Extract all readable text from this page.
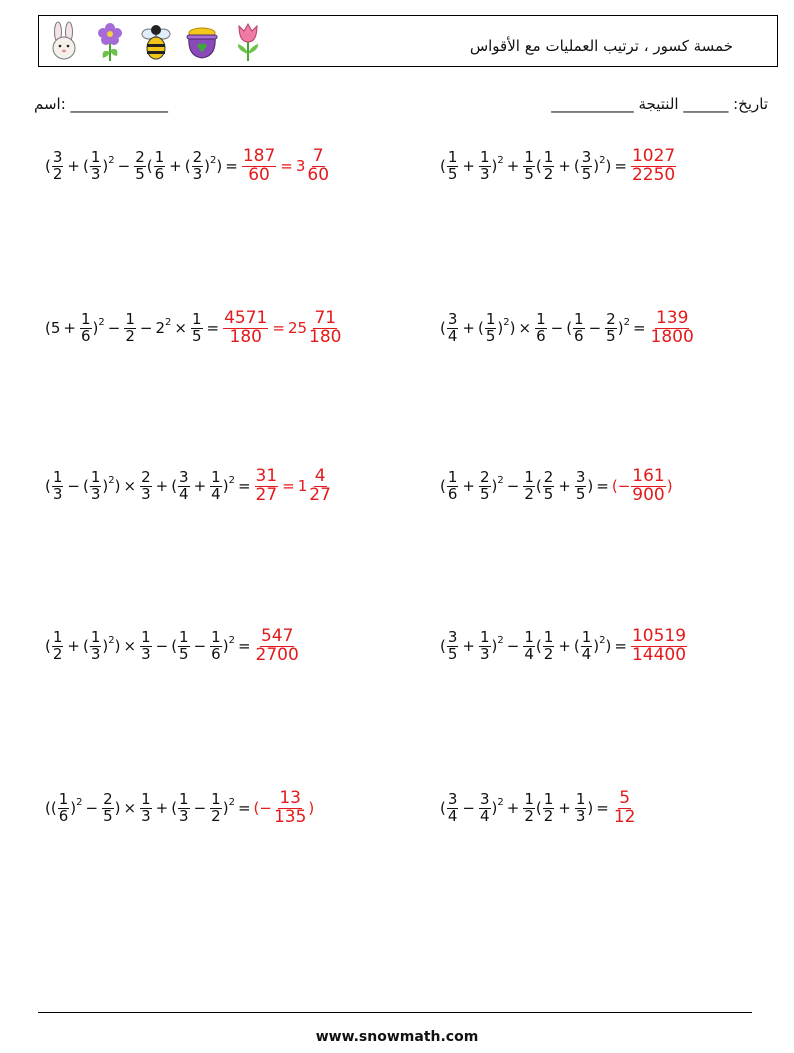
خمسة كسور ، ترتيب العمليات مع الأقواس
اسم: _____________	تاريخ: ______ النتيجة ___________
(
3
2 + ( $\frac{1}{3}$ ) $2 - \frac{2}{5}$ (
1
6 + ( $\frac{2}{3}$ ) 2 ) = $\frac{187}{60} = 3 \frac{7}{60}$	(
1
$5 + \frac{1}{3}$ ) $2 + \frac{1}{5}$ (
1
2 + ( $\frac{3}{5}$ ) 2 ) =
1027
2250
($5 + \frac{1}{6}$ ) $2 - \frac{1}{2} - 2$ $2 \times \frac{1}{5} = \frac{4571}{180} = 25 \frac{71}{180}$	(
3
4 + ( $\frac{1}{5}$ ) 2 ) × $\frac{1}{6}$ − ( $\frac{1}{6} - \frac{2}{5}$ ) 2 =
139
1800
(
1
3 − ( $\frac{1}{3}$ ) 2 ) × $\frac{2}{3}$ + ( $\frac{3}{4} + \frac{1}{4}$ ) $2 = \frac{31}{27} = 1 \frac{4}{27}$	(
1
$6 + \frac{2}{5}$ ) $2 - \frac{1}{2}$ (
2
$5 + \frac{3}{5}$ ) = (−
161
900 )
(
1
2 + ( $\frac{1}{3}$ ) 2 ) × $\frac{1}{3}$ − ( $\frac{1}{5} - \frac{1}{6}$ ) 2 =
547
2700	(
3
$5 + \frac{1}{3}$ ) $2 - \frac{1}{4}$ (
1
2 + ( $\frac{1}{4}$ ) 2 ) =
10519
14400
((
1
6 ) $2 - \frac{2}{5}$ ) × $\frac{1}{3}$ + ( $\frac{1}{3} - \frac{1}{2}$ ) 2 = (−
13
135 )	(
3
$4 - \frac{3}{4}$ ) $2 + \frac{1}{2}$ (
1
$2 + \frac{1}{3}$ ) =
5
12
www.snowmath.com
